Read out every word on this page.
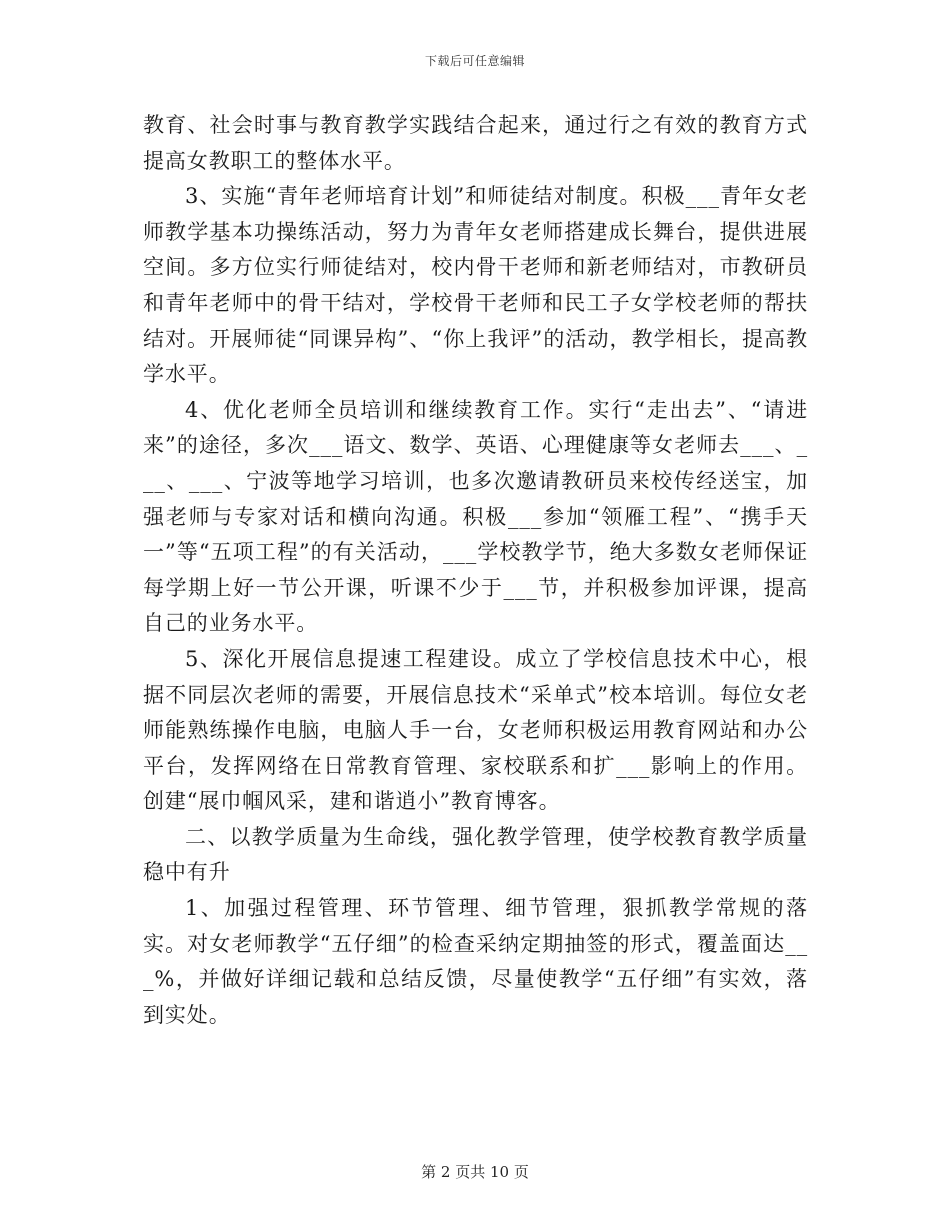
下载后可任意编辑

教育、社会时事与教育教学实践结合起来，通过行之有效的教育方式提高女教职工的整体水平。

3、实施“青年老师培育计划”和师徒结对制度。积极___青年女老师教学基本功操练活动，努力为青年女老师搭建成长舞台，提供进展空间。多方位实行师徒结对，校内骨干老师和新老师结对，市教研员和青年老师中的骨干结对，学校骨干老师和民工子女学校老师的帮扶结对。开展师徒“同课异构”、“你上我评”的活动，教学相长，提高教学水平。

4、优化老师全员培训和继续教育工作。实行“走出去”、“请进来”的途径，多次___语文、数学、英语、心理健康等女老师去___、___、___、宁波等地学习培训，也多次邀请教研员来校传经送宝，加强老师与专家对话和横向沟通。积极___参加“领雁工程”、“携手天一”等“五项工程”的有关活动，___学校教学节，绝大多数女老师保证每学期上好一节公开课，听课不少于___节，并积极参加评课，提高自己的业务水平。

5、深化开展信息提速工程建设。成立了学校信息技术中心，根据不同层次老师的需要，开展信息技术“采单式”校本培训。每位女老师能熟练操作电脑，电脑人手一台，女老师积极运用教育网站和办公平台，发挥网络在日常教育管理、家校联系和扩___影响上的作用。创建“展巾帼风采，建和谐逍小”教育博客。

二、以教学质量为生命线，强化教学管理，使学校教育教学质量稳中有升

1、加强过程管理、环节管理、细节管理，狠抓教学常规的落实。对女老师教学“五仔细”的检查采纳定期抽签的形式，覆盖面达___%，并做好详细记载和总结反馈，尽量使教学“五仔细”有实效，落到实处。

第 2 页共 10 页
